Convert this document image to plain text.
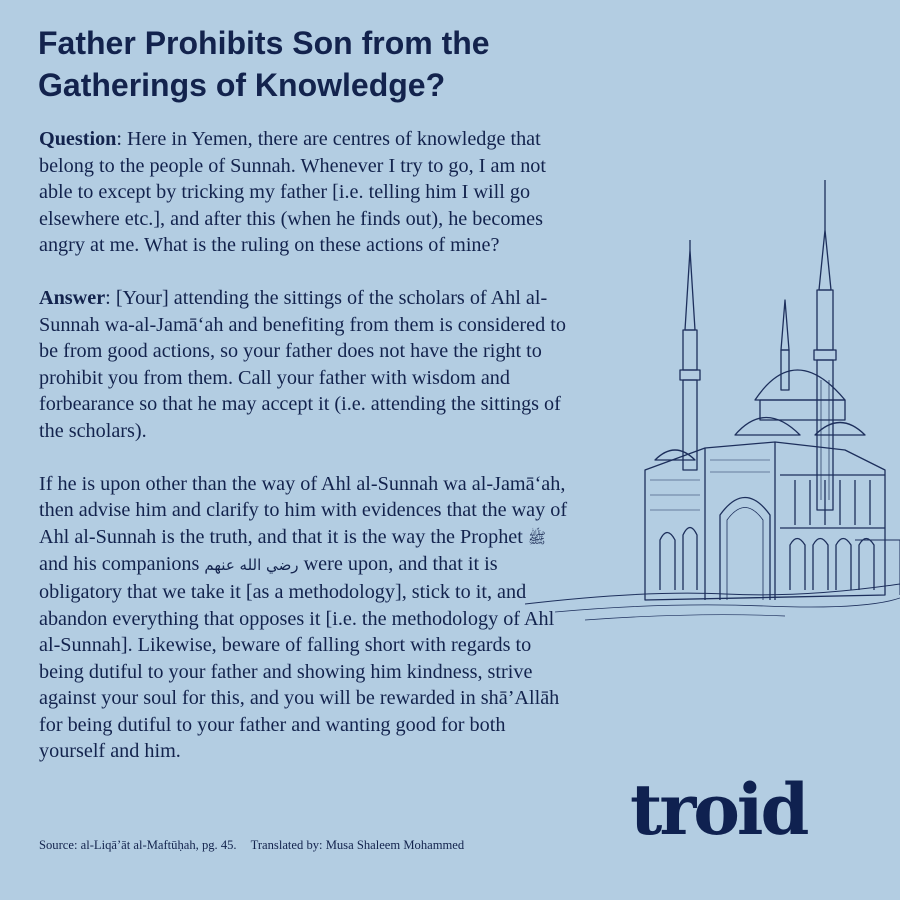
Father Prohibits Son from the Gatherings of Knowledge?

Question: Here in Yemen, there are centres of knowledge that belong to the people of Sunnah. Whenever I try to go, I am not able to except by tricking my father [i.e. telling him I will go elsewhere etc.], and after this (when he finds out), he becomes angry at me. What is the ruling on these actions of mine?

Answer: [Your] attending the sittings of the scholars of Ahl al-Sunnah wa-al-Jamā‘ah and benefiting from them is considered to be from good actions, so your father does not have the right to prohibit you from them. Call your father with wisdom and forbearance so that he may accept it (i.e. attending the sittings of the scholars).

If he is upon other than the way of Ahl al-Sunnah wa al-Jamā‘ah, then advise him and clarify to him with evidences that the way of Ahl al-Sunnah is the truth, and that it is the way the Prophet ﷺ and his companions رضي الله عنهم were upon, and that it is obligatory that we take it [as a methodology], stick to it, and abandon everything that opposes it [i.e. the methodology of Ahl al-Sunnah]. Likewise, beware of falling short with regards to being dutiful to your father and showing him kindness, strive against your soul for this, and you will be rewarded in shā’Allāh for being dutiful to your father and wanting good for both yourself and him.

Source: al-Liqā’āt al-Maftūḥah, pg. 45. Translated by: Musa Shaleem Mohammed troid
